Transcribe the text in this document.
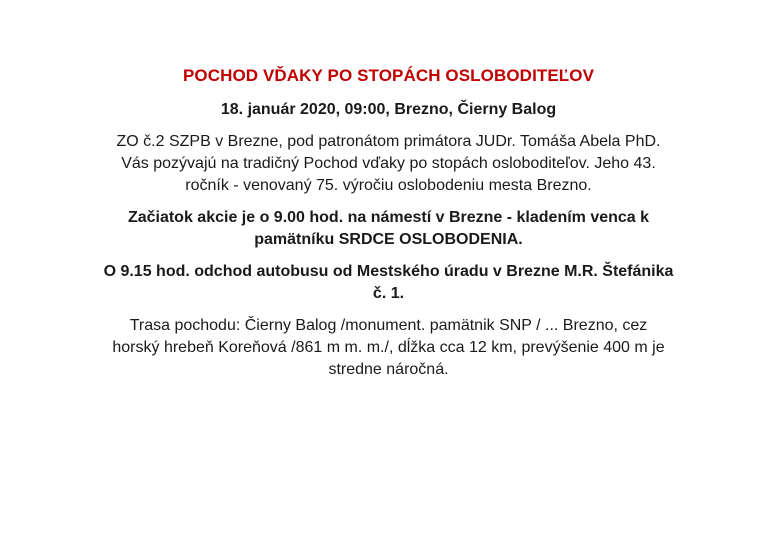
POCHOD VĎAKY PO STOPÁCH OSLOBODITEĽOV

18. január 2020, 09:00, Brezno, Čierny Balog

ZO č.2 SZPB v Brezne, pod patronátom primátora JUDr. Tomáša Abela PhD.
Vás pozývajú na tradičný Pochod vďaky po stopách osloboditeľov. Jeho 43.
ročník - venovaný 75. výročiu oslobodeniu mesta Brezno.

Začiatok akcie je o 9.00 hod. na námestí v Brezne - kladením venca k
pamätníku SRDCE OSLOBODENIA.

O 9.15 hod. odchod autobusu od Mestského úradu v Brezne M.R. Štefánika
č. 1.

Trasa pochodu: Čierny Balog /monument. pamätnik SNP / ... Brezno, cez
horský hrebeň Koreňová /861 m m. m./, dĺžka cca 12 km, prevýšenie 400 m je
stredne náročná.
